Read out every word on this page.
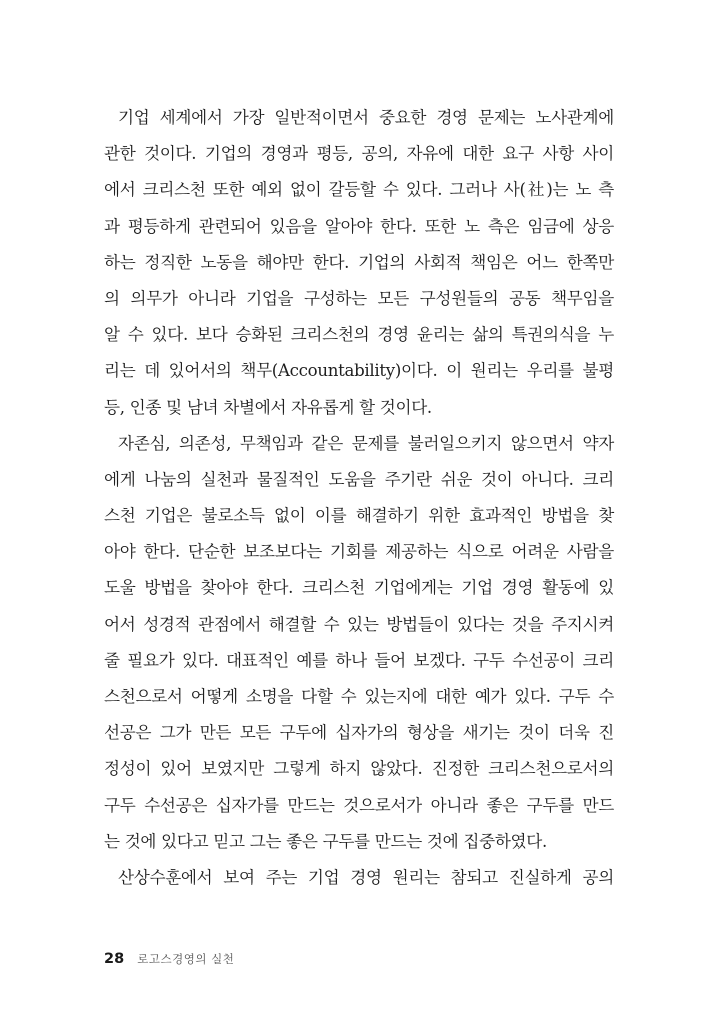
기업 세계에서 가장 일반적이면서 중요한 경영 문제는 노사관계에
관한 것이다. 기업의 경영과 평등, 공의, 자유에 대한 요구 사항 사이
에서 크리스천 또한 예외 없이 갈등할 수 있다. 그러나 사(社)는 노 측
과 평등하게 관련되어 있음을 알아야 한다. 또한 노 측은 임금에 상응
하는 정직한 노동을 해야만 한다. 기업의 사회적 책임은 어느 한쪽만
의 의무가 아니라 기업을 구성하는 모든 구성원들의 공동 책무임을
알 수 있다. 보다 승화된 크리스천의 경영 윤리는 삶의 특권의식을 누
리는 데 있어서의 책무(Accountability)이다. 이 원리는 우리를 불평
등, 인종 및 남녀 차별에서 자유롭게 할 것이다.
자존심, 의존성, 무책임과 같은 문제를 불러일으키지 않으면서 약자
에게 나눔의 실천과 물질적인 도움을 주기란 쉬운 것이 아니다. 크리
스천 기업은 불로소득 없이 이를 해결하기 위한 효과적인 방법을 찾
아야 한다. 단순한 보조보다는 기회를 제공하는 식으로 어려운 사람을
도울 방법을 찾아야 한다. 크리스천 기업에게는 기업 경영 활동에 있
어서 성경적 관점에서 해결할 수 있는 방법들이 있다는 것을 주지시켜
줄 필요가 있다. 대표적인 예를 하나 들어 보겠다. 구두 수선공이 크리
스천으로서 어떻게 소명을 다할 수 있는지에 대한 예가 있다. 구두 수
선공은 그가 만든 모든 구두에 십자가의 형상을 새기는 것이 더욱 진
정성이 있어 보였지만 그렇게 하지 않았다. 진정한 크리스천으로서의
구두 수선공은 십자가를 만드는 것으로서가 아니라 좋은 구두를 만드
는 것에 있다고 믿고 그는 좋은 구두를 만드는 것에 집중하였다.
산상수훈에서 보여 주는 기업 경영 원리는 참되고 진실하게 공의
28 로고스경영의 실천
